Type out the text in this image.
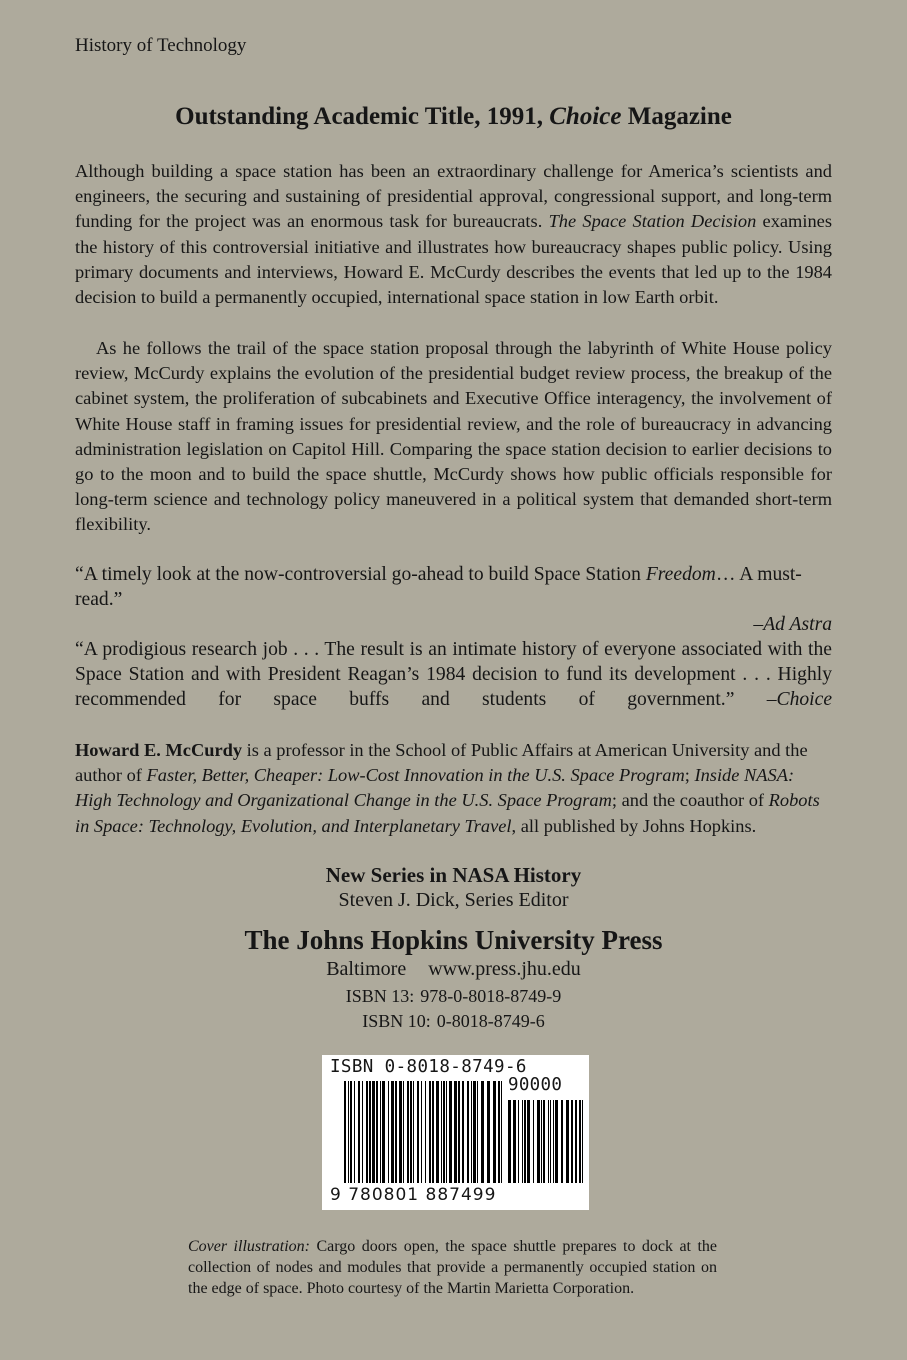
History of Technology
Outstanding Academic Title, 1991, Choice Magazine

Although building a space station has been an extraordinary challenge for America’s scientists and engineers, the securing and sustaining of presidential approval, congressional support, and long-term funding for the project was an enormous task for bureaucrats. The Space Station Decision examines the history of this controversial initiative and illustrates how bureaucracy shapes public policy. Using primary documents and interviews, Howard E. McCurdy describes the events that led up to the 1984 decision to build a permanently occupied, international space station in low Earth orbit.

As he follows the trail of the space station proposal through the labyrinth of White House policy review, McCurdy explains the evolution of the presidential budget review process, the breakup of the cabinet system, the proliferation of subcabinets and Executive Office interagency, the involvement of White House staff in framing issues for presidential review, and the role of bureaucracy in advancing administration legislation on Capitol Hill. Comparing the space station decision to earlier decisions to go to the moon and to build the space shuttle, McCurdy shows how public officials responsible for long-term science and technology policy maneuvered in a political system that demanded short-term flexibility.

“A timely look at the now-controversial go-ahead to build Space Station Freedom… A must-read.”

–Ad Astra

“A prodigious research job . . . The result is an intimate history of everyone associated with the Space Station and with President Reagan’s 1984 decision to fund its development . . . Highly recommended for space buffs and students of government.” –Choice

Howard E. McCurdy is a professor in the School of Public Affairs at American University and the author of Faster, Better, Cheaper: Low-Cost Innovation in the U.S. Space Program; Inside NASA: High Technology and Organizational Change in the U.S. Space Program; and the coauthor of Robots in Space: Technology, Evolution, and Interplanetary Travel, all published by Johns Hopkins.

New Series in NASA History
Steven J. Dick, Series Editor
The Johns Hopkins University Press
Baltimore www.press.jhu.edu
ISBN 13: 978-0-8018-8749-9
ISBN 10: 0-8018-8749-6
ISBN 0-8018-8749-6
90000
9 780801 887499

Cover illustration: Cargo doors open, the space shuttle prepares to dock at the collection of nodes and modules that provide a permanently occupied station on the edge of space. Photo courtesy of the Martin Marietta Corporation.
